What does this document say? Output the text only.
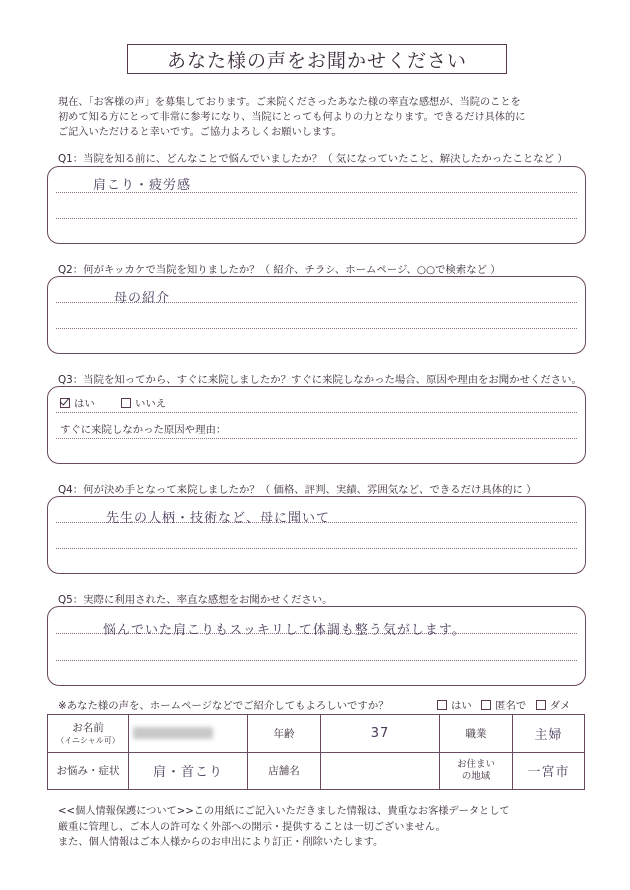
あなた様の声をお聞かせください
現在、「お客様の声」を募集しております。ご来院くださったあなた様の率直な感想が、当院のことを
初めて知る方にとって非常に参考になり、当院にとっても何よりの力となります。できるだけ具体的に
ご記入いただけると幸いです。ご協力よろしくお願いします。
Q1：当院を知る前に、どんなことで悩んでいましたか？（ 気になっていたこと、解決したかったことなど ）
肩こり・疲労感
Q2：何がキッカケで当院を知りましたか？（ 紹介、チラシ、ホームページ、○○で検索など ）
母の紹介
Q3：当院を知ってから、すぐに来院しましたか？すぐに来院しなかった場合、原因や理由をお聞かせください。
はい	いいえ
すぐに来院しなかった原因や理由：
Q4：何が決め手となって来院しましたか？（ 価格、評判、実績、雰囲気など、できるだけ具体的に ）
先生の人柄・技術など、母に聞いて
Q5：実際に利用された、率直な感想をお聞かせください。
悩んでいた肩こりもスッキリして体調も整う気がします。
※あなた様の声を、ホームページなどでご紹介してもよろしいですか？	はい 匿名で ダメ
お名前
（イニシャル可）		年齢	37	職業	主婦
お悩み・症状	肩・首こり	店舗名		お住まい
の地域	一宮市
<<個人情報保護について>>この用紙にご記入いただきました情報は、貴重なお客様データとして
厳重に管理し、ご本人の許可なく外部への開示・提供することは一切ございません。
また、個人情報はご本人様からのお申出により訂正・削除いたします。
